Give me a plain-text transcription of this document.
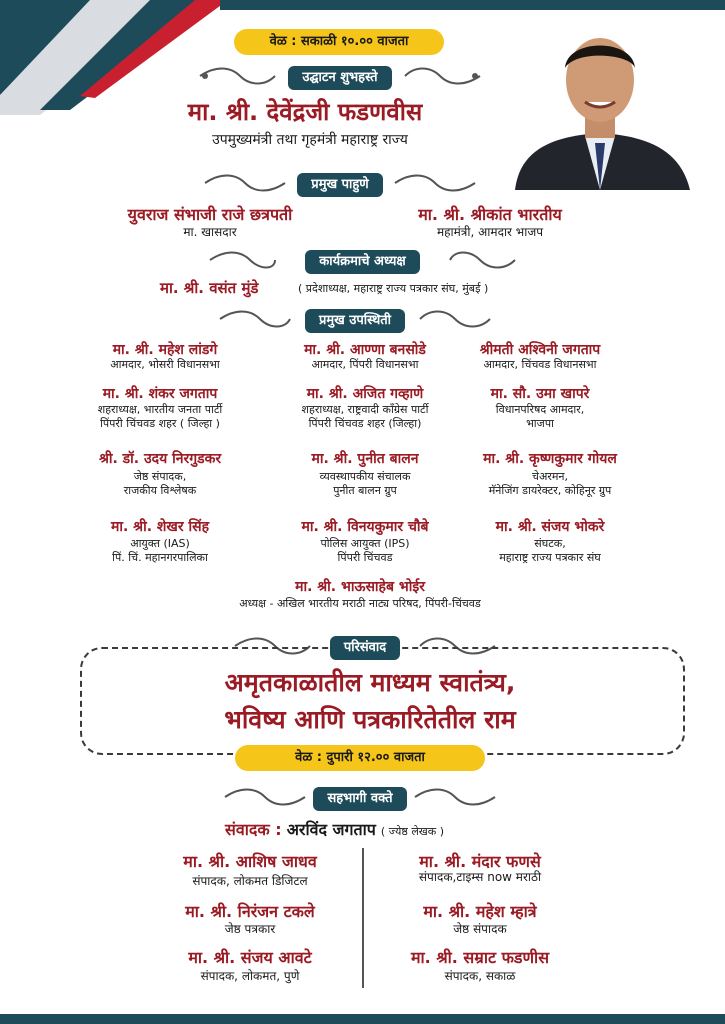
वेळ : सकाळी १०.०० वाजता
उद्घाटन शुभहस्ते
मा. श्री. देवेंद्रजी फडणवीस
उपमुख्यमंत्री तथा गृहमंत्री महाराष्ट्र राज्य
प्रमुख पाहुणे
युवराज संभाजी राजे छत्रपती
मा. खासदार
मा. श्री. श्रीकांत भारतीय
महामंत्री, आमदार भाजप
कार्यक्रमाचे अध्यक्ष
मा. श्री. वसंत मुंडे	( प्रदेशाध्यक्ष, महाराष्ट्र राज्य पत्रकार संघ, मुंबई )
प्रमुख उपस्थिती
मा. श्री. महेश लांडगे
आमदार, भोसरी विधानसभा
मा. श्री. आण्णा बनसोडे
आमदार, पिंपरी विधानसभा
श्रीमती अश्विनी जगताप
आमदार, चिंचवड विधानसभा
मा. श्री. शंकर जगताप
शहराध्यक्ष, भारतीय जनता पार्टी
पिंपरी चिंचवड शहर ( जिल्हा )
मा. श्री. अजित गव्हाणे
शहराध्यक्ष, राष्ट्रवादी काँग्रेस पार्टी
पिंपरी चिंचवड शहर (जिल्हा)
मा. सौ. उमा खापरे
विधानपरिषद आमदार,
भाजपा
श्री. डॉ. उदय निरगुडकर
जेष्ठ संपादक,
राजकीय विश्लेषक
मा. श्री. पुनीत बालन
व्यवस्थापकीय संचालक
पुनीत बालन ग्रुप
मा. श्री. कृष्णकुमार गोयल
चेअरमन,
मॅनेजिंग डायरेक्टर, कोहिनूर ग्रुप
मा. श्री. शेखर सिंह
आयुक्त (IAS)
पिं. चिं. महानगरपालिका
मा. श्री. विनयकुमार चौबे
पोलिस आयुक्त (IPS)
पिंपरी चिंचवड
मा. श्री. संजय भोकरे
संघटक,
महाराष्ट्र राज्य पत्रकार संघ
मा. श्री. भाऊसाहेब भोईर
अध्यक्ष - अखिल भारतीय मराठी नाट्य परिषद, पिंपरी-चिंचवड
परिसंवाद
अमृतकाळातील माध्यम स्वातंत्र्य,
भविष्य आणि पत्रकारितेतील राम
वेळ : दुपारी १२.०० वाजता
सहभागी वक्ते
संवादक : अरविंद जगताप ( ज्येष्ठ लेखक )
मा. श्री. आशिष जाधव
संपादक, लोकमत डिजिटल
मा. श्री. निरंजन टकले
जेष्ठ पत्रकार
मा. श्री. संजय आवटे
संपादक, लोकमत, पुणे
मा. श्री. मंदार फणसे
संपादक,टाइम्स now मराठी
मा. श्री. महेश म्हात्रे
जेष्ठ संपादक
मा. श्री. सम्राट फडणीस
संपादक, सकाळ
